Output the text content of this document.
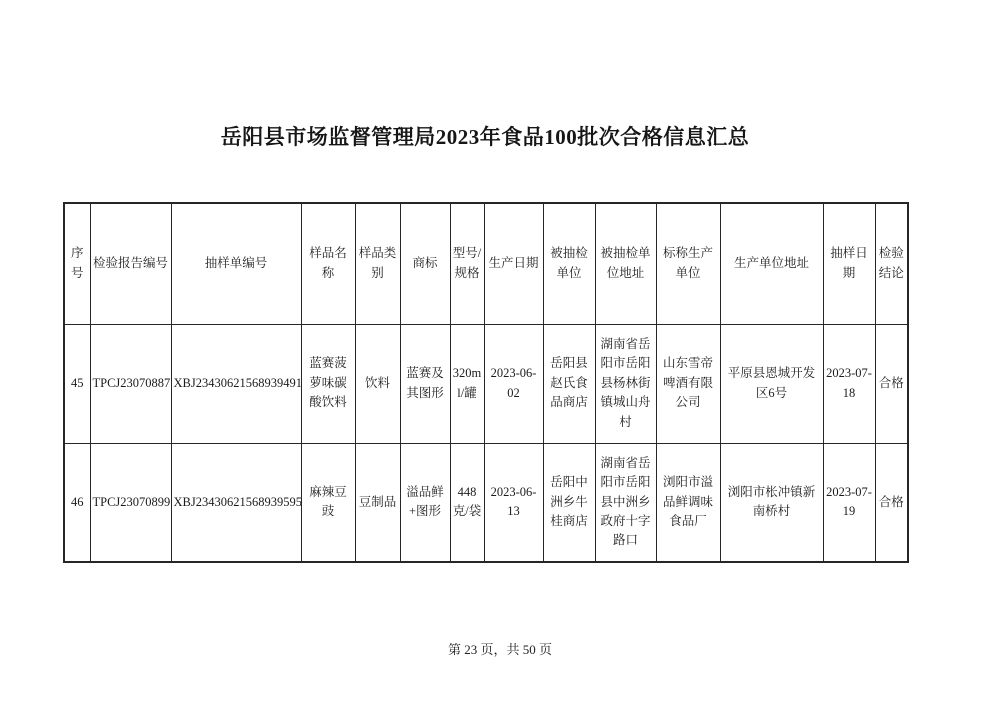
岳阳县市场监督管理局2023年食品100批次合格信息汇总
序号	检验报告编号	抽样单编号	样品名称	样品类别	商标	型号/规格	生产日期	被抽检单位	被抽检单位地址	标称生产单位	生产单位地址	抽样日期	检验结论
45	TPCJ23070887	XBJ23430621568939491	蓝赛菠萝味碳酸饮料	饮料	蓝赛及其图形	320ml/罐	2023-06-02	岳阳县赵氏食品商店	湖南省岳阳市岳阳县杨林街镇城山舟村	山东雪帝啤酒有限公司	平原县恩城开发区6号	2023-07-18	合格
46	TPCJ23070899	XBJ23430621568939595	麻辣豆豉	豆制品	溢品鲜+图形	448克/袋	2023-06-13	岳阳中洲乡牛桂商店	湖南省岳阳市岳阳县中洲乡政府十字路口	浏阳市溢品鲜调味食品厂	浏阳市枨冲镇新南桥村	2023-07-19	合格
第 23 页，共 50 页
